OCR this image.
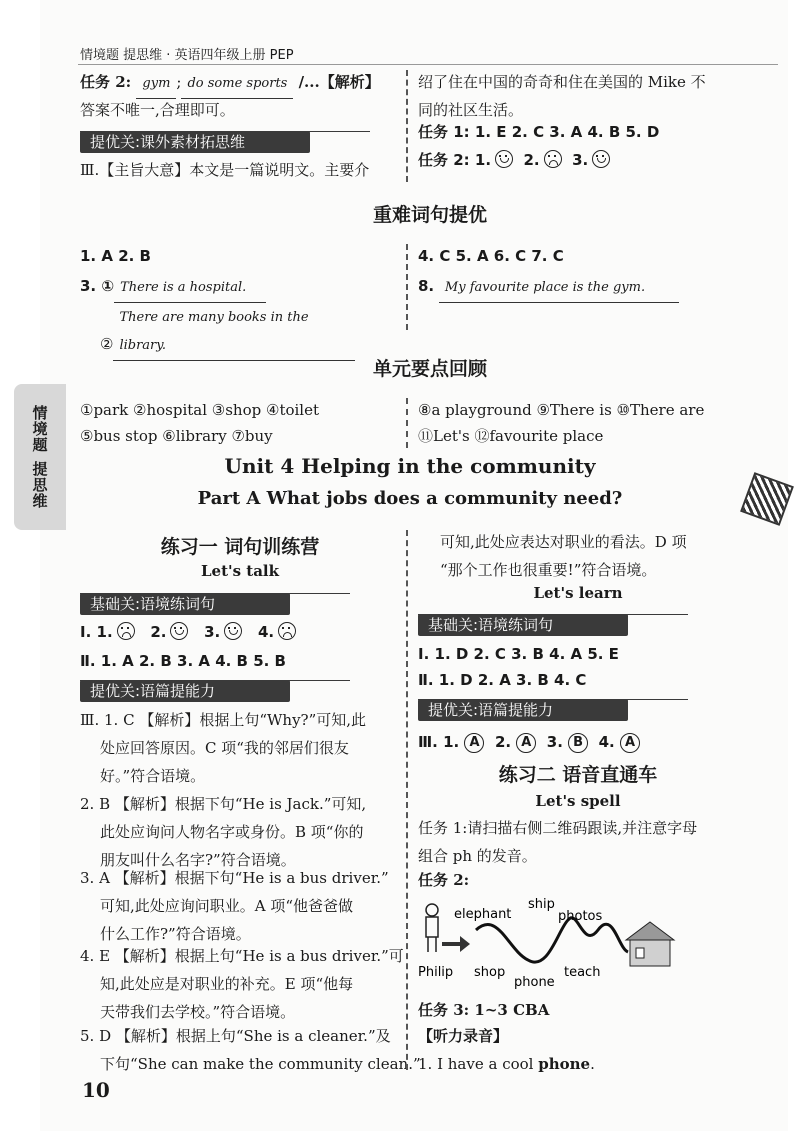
情境题 提思维 · 英语四年级上册 PEP
任务 2: gym ; do some sports /...【解析】
答案不唯一,合理即可。
提优关:课外素材拓思维
Ⅲ.【主旨大意】本文是一篇说明文。主要介
绍了住在中国的奇奇和住在美国的 Mike 不
同的社区生活。
任务 1: 1. E 2. C 3. A 4. B 5. D
任务 2: 1. 2. 3.
重难词句提优
1. A 2. B
3. ① There is a hospital.
②There are many books in the library.
4. C 5. A 6. C 7. C
8. My favourite place is the gym.
单元要点回顾
①park ②hospital ③shop ④toilet
⑤bus stop ⑥library ⑦buy
⑧a playground ⑨There is ⑩There are
⑪Let's ⑫favourite place
情境题
提思维	Unit 4 Helping in the community
Part A What jobs does a community need?
练习一 词句训练营
Let's talk
基础关:语境练词句
Ⅰ. 1.	2.	3.	4.
Ⅱ. 1. A 2. B 3. A 4. B 5. B
提优关:语篇提能力
Ⅲ. 1. C 【解析】根据上句“Why?”可知,此
处应回答原因。C 项“我的邻居们很友
好。”符合语境。
2. B 【解析】根据下句“He is Jack.”可知,
此处应询问人物名字或身份。B 项“你的
朋友叫什么名字?”符合语境。
3. A 【解析】根据下句“He is a bus driver.”
可知,此处应询问职业。A 项“他爸爸做
什么工作?”符合语境。
4. E 【解析】根据上句“He is a bus driver.”可
知,此处应是对职业的补充。E 项“他每
天带我们去学校。”符合语境。
5. D 【解析】根据上句“She is a cleaner.”及
下句“She can make the community clean.”
可知,此处应表达对职业的看法。D 项
“那个工作也很重要!”符合语境。
Let's learn
基础关:语境练词句
Ⅰ. 1. D 2. C 3. B 4. A 5. E
Ⅱ. 1. D 2. A 3. B 4. C
提优关:语篇提能力
Ⅲ. 1. A 2. A 3. B 4. A
练习二 语音直通车
Let's spell
任务 1:请扫描右侧二维码跟读,并注意字母
组合 ph 的发音。
任务 2:
elephant
ship
photos
Philip shop
phone
teach
任务 3: 1~3 CBA
【听力录音】
1. I have a cool phone.
10
